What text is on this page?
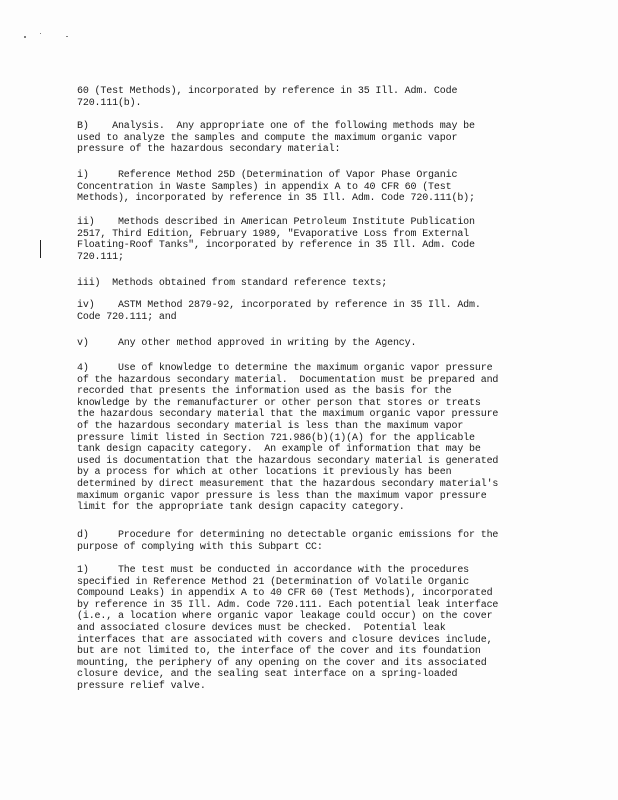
60 (Test Methods), incorporated by reference in 35 Ill. Adm. Code
720.111(b).
B)    Analysis.  Any appropriate one of the following methods may be
used to analyze the samples and compute the maximum organic vapor
pressure of the hazardous secondary material:
i)     Reference Method 25D (Determination of Vapor Phase Organic
Concentration in Waste Samples) in appendix A to 40 CFR 60 (Test
Methods), incorporated by reference in 35 Ill. Adm. Code 720.111(b);
ii)    Methods described in American Petroleum Institute Publication
2517, Third Edition, February 1989, "Evaporative Loss from External
Floating-Roof Tanks", incorporated by reference in 35 Ill. Adm. Code
720.111;
iii)  Methods obtained from standard reference texts;
iv)    ASTM Method 2879-92, incorporated by reference in 35 Ill. Adm.
Code 720.111; and
v)     Any other method approved in writing by the Agency.
4)     Use of knowledge to determine the maximum organic vapor pressure
of the hazardous secondary material.  Documentation must be prepared and
recorded that presents the information used as the basis for the
knowledge by the remanufacturer or other person that stores or treats
the hazardous secondary material that the maximum organic vapor pressure
of the hazardous secondary material is less than the maximum vapor
pressure limit listed in Section 721.986(b)(1)(A) for the applicable
tank design capacity category.  An example of information that may be
used is documentation that the hazardous secondary material is generated
by a process for which at other locations it previously has been
determined by direct measurement that the hazardous secondary material's
maximum organic vapor pressure is less than the maximum vapor pressure
limit for the appropriate tank design capacity category.
d)     Procedure for determining no detectable organic emissions for the
purpose of complying with this Subpart CC:
1)     The test must be conducted in accordance with the procedures
specified in Reference Method 21 (Determination of Volatile Organic
Compound Leaks) in appendix A to 40 CFR 60 (Test Methods), incorporated
by reference in 35 Ill. Adm. Code 720.111. Each potential leak interface
(i.e., a location where organic vapor leakage could occur) on the cover
and associated closure devices must be checked.  Potential leak
interfaces that are associated with covers and closure devices include,
but are not limited to, the interface of the cover and its foundation
mounting, the periphery of any opening on the cover and its associated
closure device, and the sealing seat interface on a spring-loaded
pressure relief valve.
